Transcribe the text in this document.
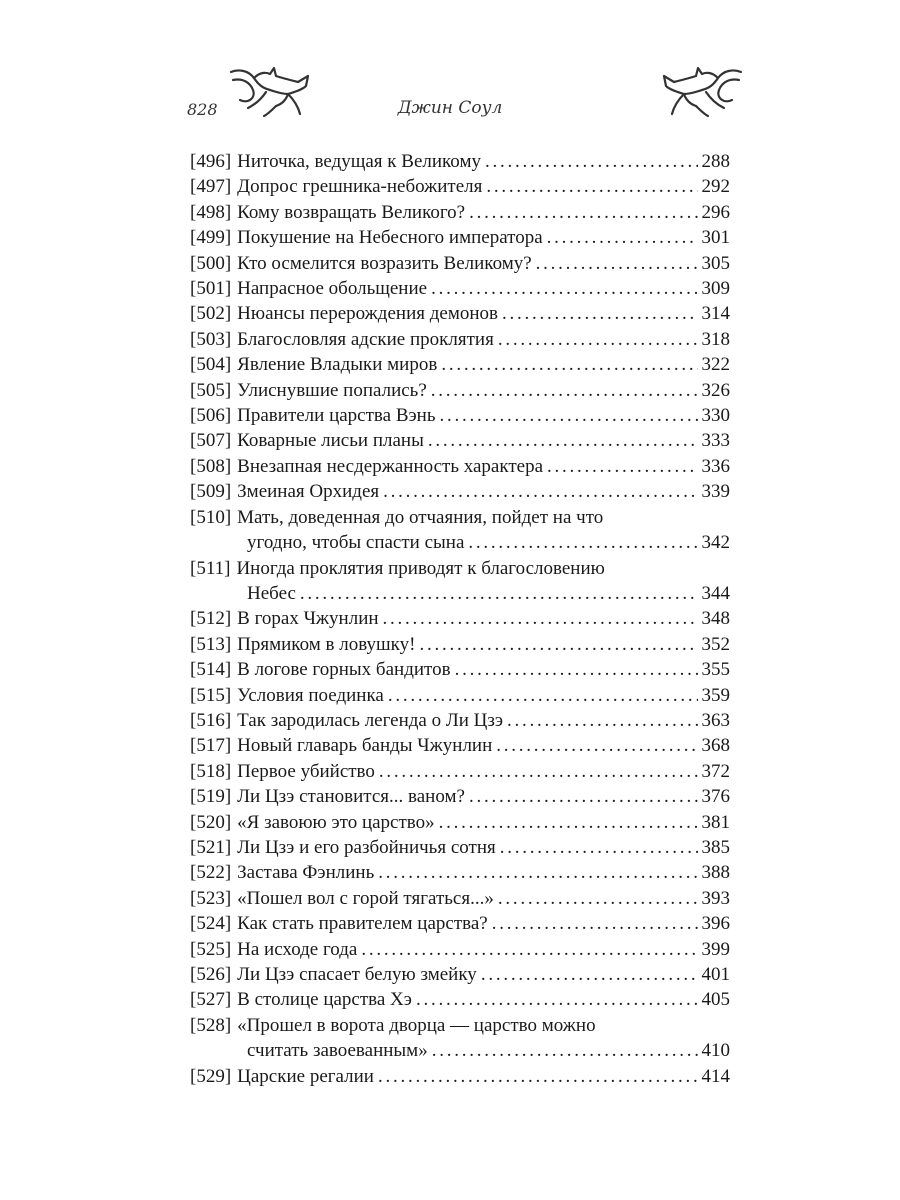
828	Джин Соул
[496] Ниточка, ведущая к Великому . . .	288
[497] Допрос грешника-небожителя . . .	292
[498] Кому возвращать Великого? . . .	296
[499] Покушение на Небесного императора . . .	301
[500] Кто осмелится возразить Великому? . . .	305
[501] Напрасное обольщение . . .	309
[502] Нюансы перерождения демонов . . .	314
[503] Благословляя адские проклятия . . .	318
[504] Явление Владыки миров . . .	322
[505] Улиснувшие попались? . . .	326
[506] Правители царства Вэнь . . .	330
[507] Коварные лисьи планы . . .	333
[508] Внезапная несдержанность характера . . .	336
[509] Змеиная Орхидея . . .	339
[510] Мать, доведенная до отчаяния, пойдет на что
угодно, чтобы спасти сына . . .	342
[511] Иногда проклятия приводят к благословению
Небес . . .	344
[512] В горах Чжунлин . . .	348
[513] Прямиком в ловушку! . . .	352
[514] В логове горных бандитов . . .	355
[515] Условия поединка . . .	359
[516] Так зародилась легенда о Ли Цзэ . . .	363
[517] Новый главарь банды Чжунлин . . .	368
[518] Первое убийство . . .	372
[519] Ли Цзэ становится... ваном? . . .	376
[520] «Я завоюю это царство» . . .	381
[521] Ли Цзэ и его разбойничья сотня . . .	385
[522] Застава Фэнлинь . . .	388
[523] «Пошел вол с горой тягаться...» . . .	393
[524] Как стать правителем царства? . . .	396
[525] На исходе года . . .	399
[526] Ли Цзэ спасает белую змейку . . .	401
[527] В столице царства Хэ . . .	405
[528] «Прошел в ворота дворца — царство можно
считать завоеванным» . . .	410
[529] Царские регалии . . .	414
